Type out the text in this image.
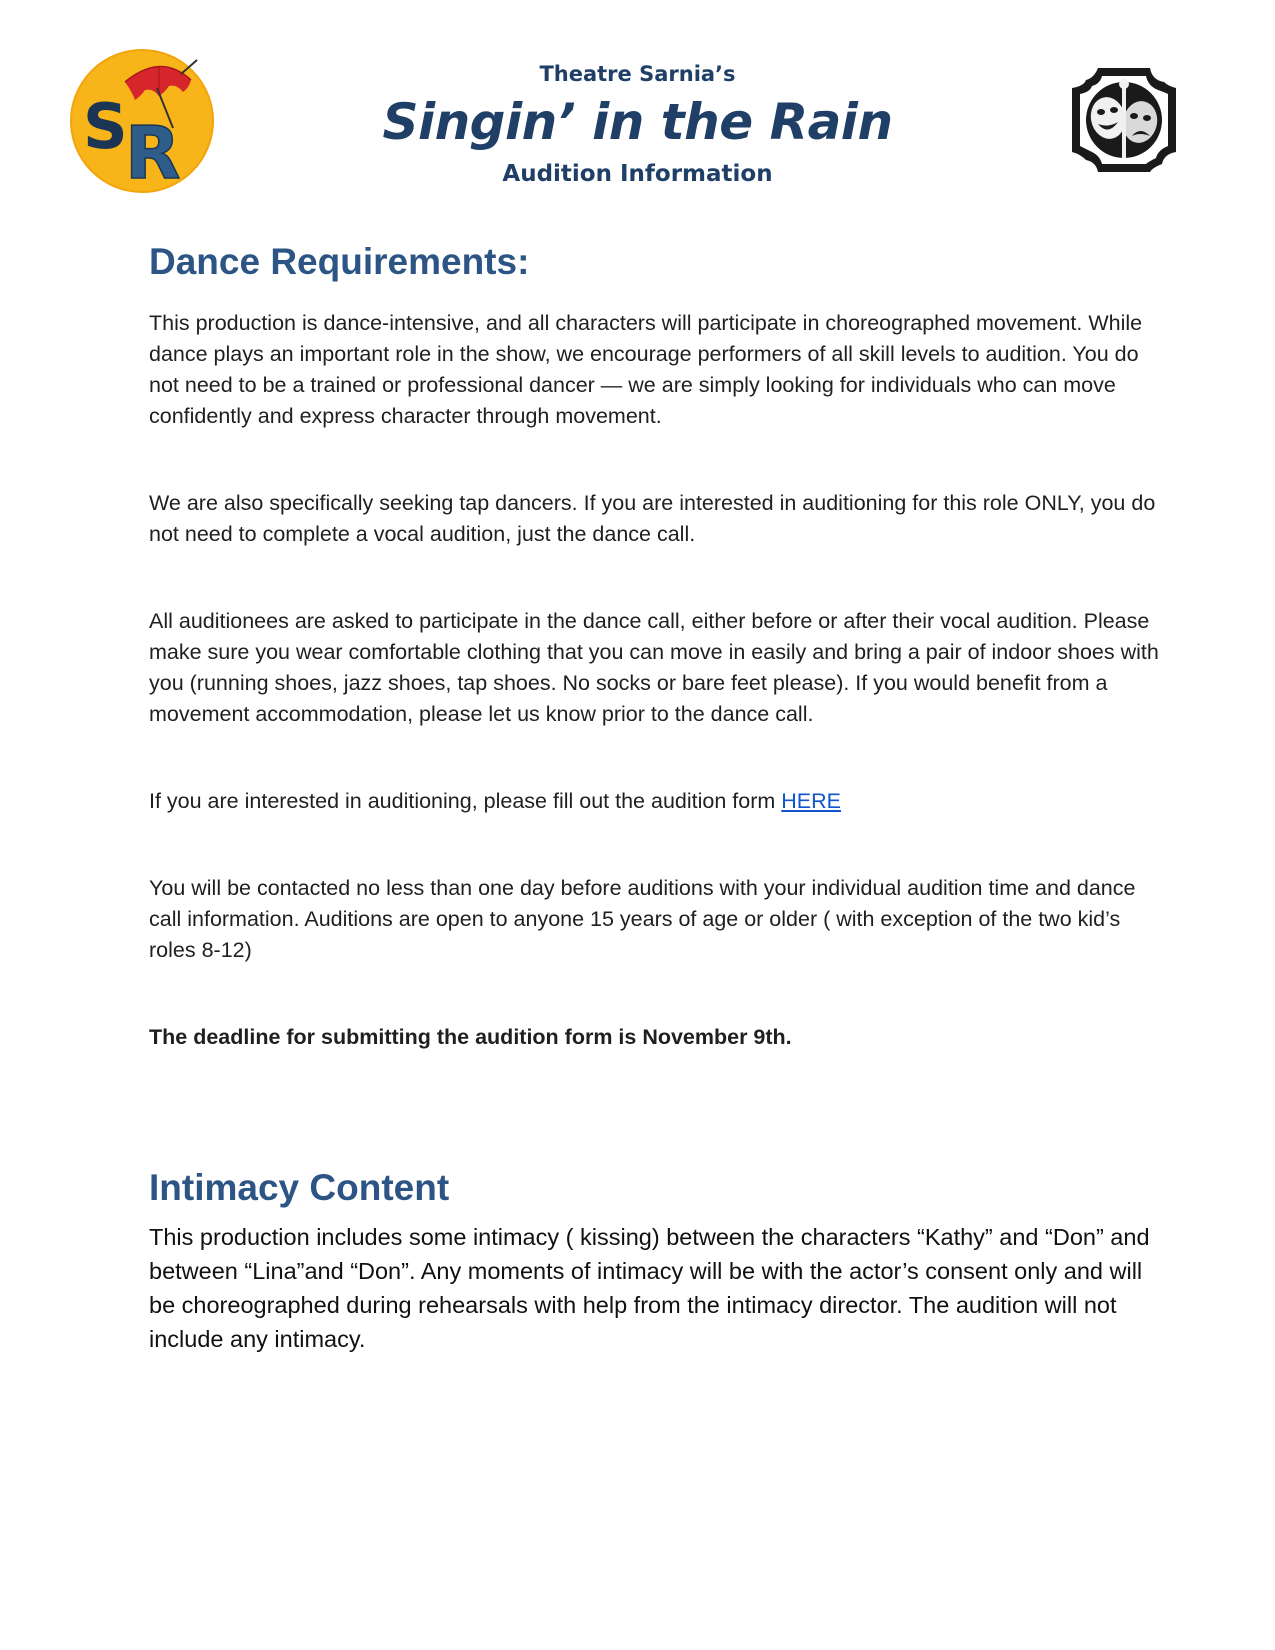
S
R
Theatre Sarnia’s
Singin’ in the Rain
Audition Information
Dance Requirements:

This production is dance-intensive, and all characters will participate in choreographed movement. While dance plays an important role in the show, we encourage performers of all skill levels to audition. You do not need to be a trained or professional dancer — we are simply looking for individuals who can move confidently and express character through movement.

We are also specifically seeking tap dancers. If you are interested in auditioning for this role ONLY, you do not need to complete a vocal audition, just the dance call.

All auditionees are asked to participate in the dance call, either before or after their vocal audition. Please make sure you wear comfortable clothing that you can move in easily and bring a pair of indoor shoes with you (running shoes, jazz shoes, tap shoes. No socks or bare feet please). If you would benefit from a movement accommodation, please let us know prior to the dance call.

If you are interested in auditioning, please fill out the audition form HERE

You will be contacted no less than one day before auditions with your individual audition time and dance call information. Auditions are open to anyone 15 years of age or older ( with exception of the two kid’s roles 8-12)

The deadline for submitting the audition form is November 9th.

Intimacy Content

This production includes some intimacy ( kissing) between the characters “Kathy” and “Don” and between “Lina”and “Don”. Any moments of intimacy will be with the actor’s consent only and will be choreographed during rehearsals with help from the intimacy director. The audition will not include any intimacy.
